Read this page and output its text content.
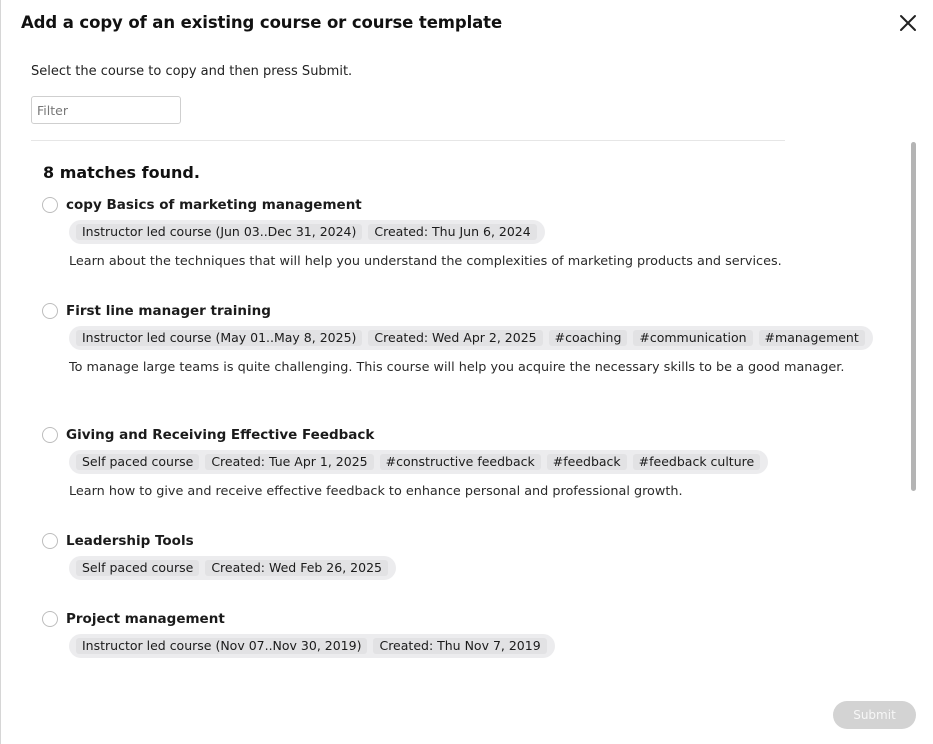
Add a copy of an existing course or course template
Select the course to copy and then press Submit.
Filter
8 matches found.
copy Basics of marketing management
Instructor led course (Jun 03..Dec 31, 2024)	Created: Thu Jun 6, 2024
Learn about the techniques that will help you understand the complexities of marketing products and services.
First line manager training
Instructor led course (May 01..May 8, 2025)	Created: Wed Apr 2, 2025	#coaching	#communication	#management
To manage large teams is quite challenging. This course will help you acquire the necessary skills to be a good manager.
Giving and Receiving Effective Feedback
Self paced course	Created: Tue Apr 1, 2025	#constructive feedback	#feedback	#feedback culture
Learn how to give and receive effective feedback to enhance personal and professional growth.
Leadership Tools
Self paced course	Created: Wed Feb 26, 2025
Project management
Instructor led course (Nov 07..Nov 30, 2019)	Created: Thu Nov 7, 2019
Submit
